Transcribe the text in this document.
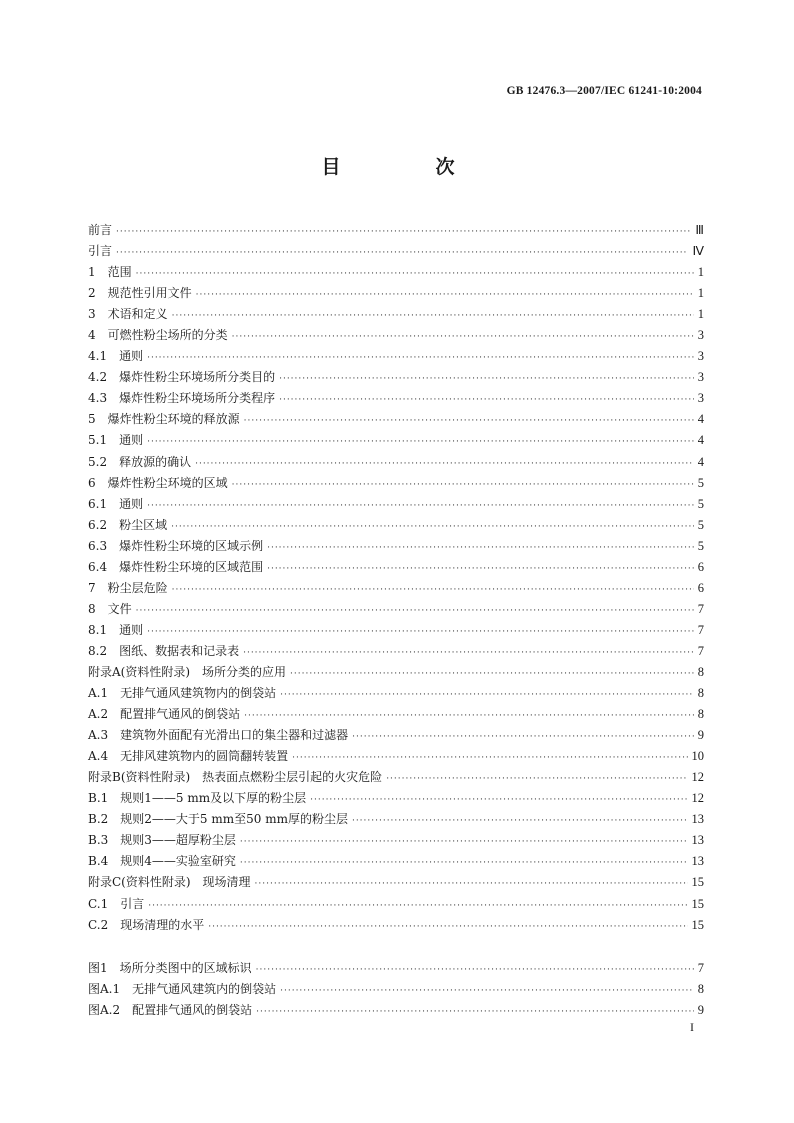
GB 12476.3—2007/IEC 61241-10:2004
目　次
前言 ·····	Ⅲ
引言 ·····	Ⅳ
1　范围 ·····	1
2　规范性引用文件 ·····	1
3　术语和定义 ·····	1
4　可燃性粉尘场所的分类 ·····	3
4.1　通则 ·····	3
4.2　爆炸性粉尘环境场所分类目的 ·····	3
4.3　爆炸性粉尘环境场所分类程序 ·····	3
5　爆炸性粉尘环境的释放源 ·····	4
5.1　通则 ·····	4
5.2　释放源的确认 ·····	4
6　爆炸性粉尘环境的区域 ·····	5
6.1　通则 ·····	5
6.2　粉尘区域 ·····	5
6.3　爆炸性粉尘环境的区域示例 ·····	5
6.4　爆炸性粉尘环境的区域范围 ·····	6
7　粉尘层危险 ·····	6
8　文件 ·····	7
8.1　通则 ·····	7
8.2　图纸、数据表和记录表 ·····	7
附录A(资料性附录)　场所分类的应用 ·····	8
A.1　无排气通风建筑物内的倒袋站 ·····	8
A.2　配置排气通风的倒袋站 ·····	8
A.3　建筑物外面配有光滑出口的集尘器和过滤器 ·····	9
A.4　无排风建筑物内的圆筒翻转装置 ·····	10
附录B(资料性附录)　热表面点燃粉尘层引起的火灾危险 ·····	12
B.1　规则1——5 mm及以下厚的粉尘层 ·····	12
B.2　规则2——大于5 mm至50 mm厚的粉尘层 ·····	13
B.3　规则3——超厚粉尘层 ·····	13
B.4　规则4——实验室研究 ·····	13
附录C(资料性附录)　现场清理 ·····	15
C.1　引言 ·····	15
C.2　现场清理的水平 ·····	15
图1　场所分类图中的区域标识 ·····	7
图A.1　无排气通风建筑内的倒袋站 ·····	8
图A.2　配置排气通风的倒袋站 ·····	9
I
